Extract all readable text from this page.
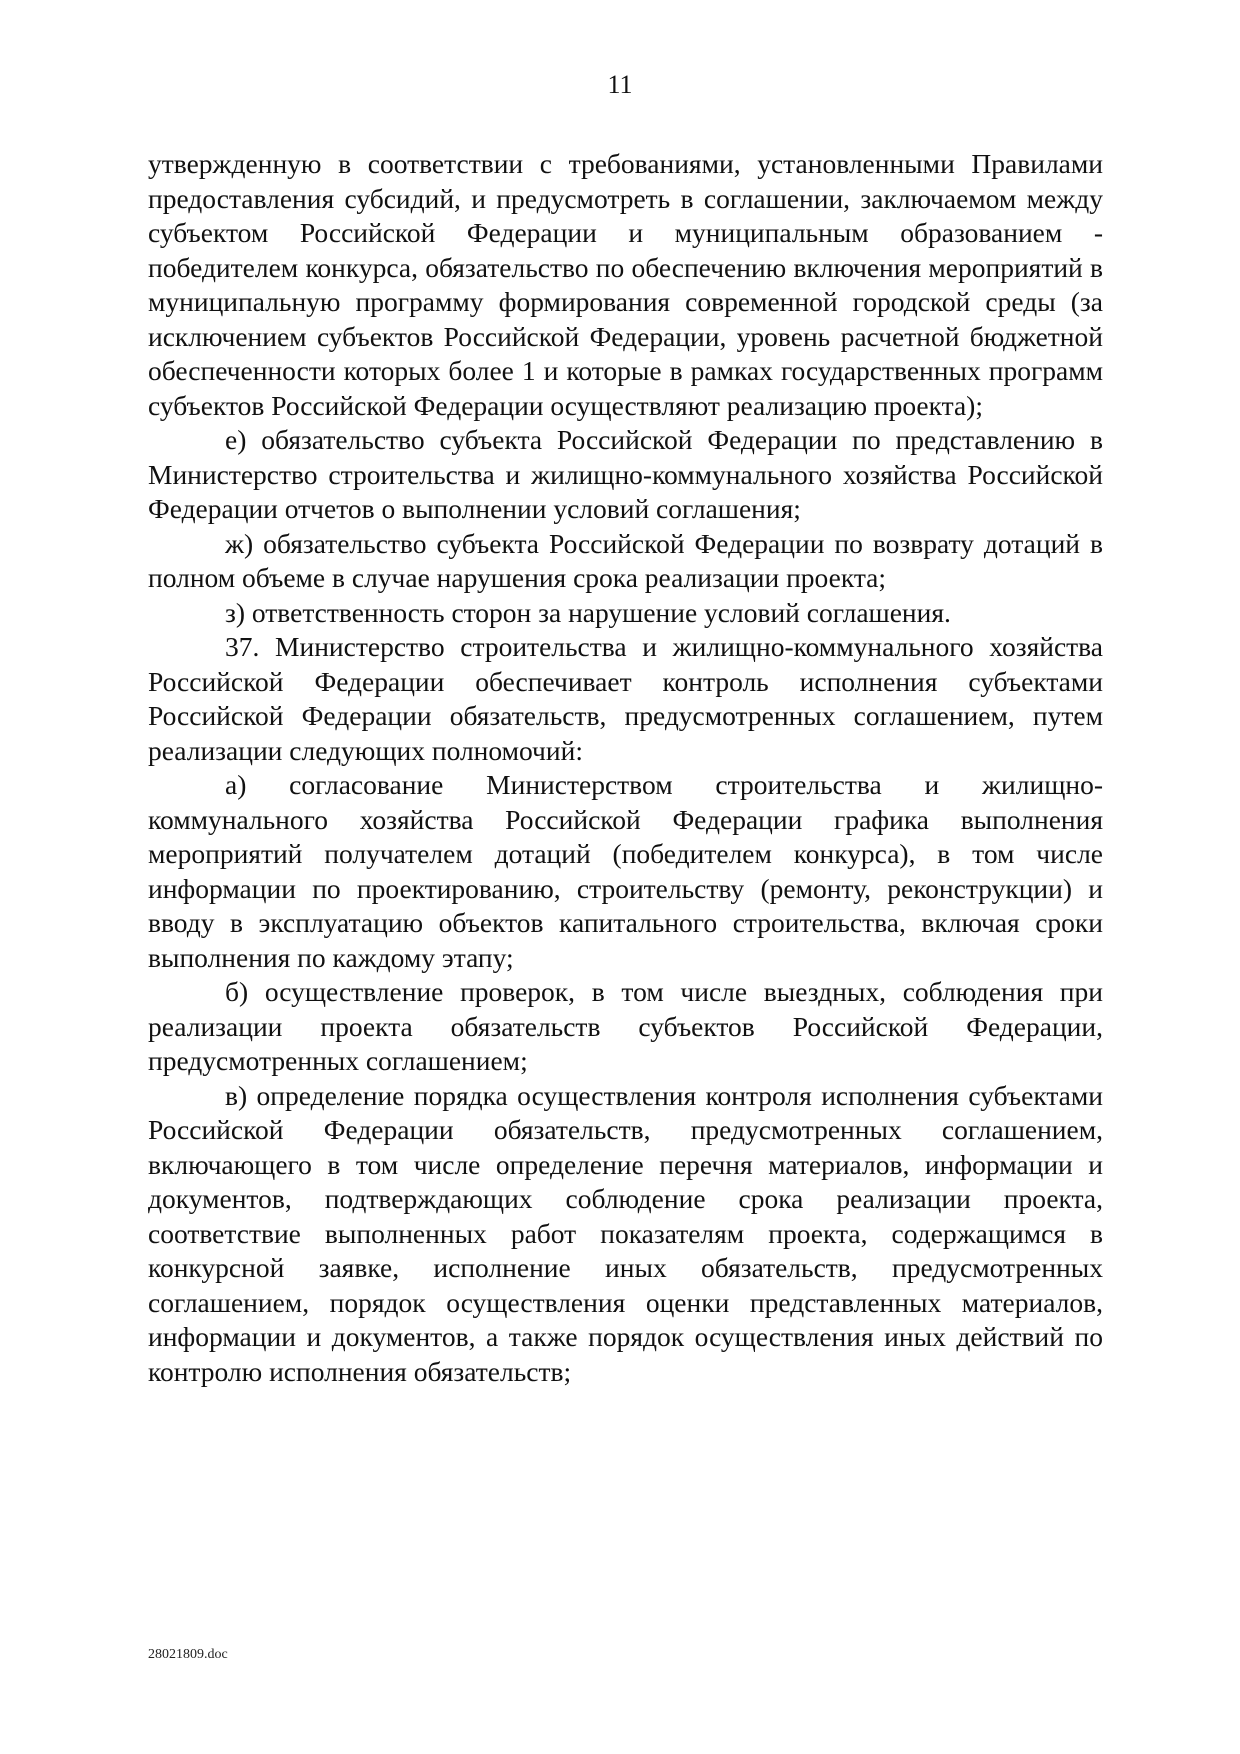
11

утвержденную в соответствии с требованиями, установленными Правилами предоставления субсидий, и предусмотреть в соглашении, заключаемом между субъектом Российской Федерации и муниципальным образованием - победителем конкурса, обязательство по обеспечению включения мероприятий в муниципальную программу формирования современной городской среды (за исключением субъектов Российской Федерации, уровень расчетной бюджетной обеспеченности которых более 1 и которые в рамках государственных программ субъектов Российской Федерации осуществляют реализацию проекта);

е) обязательство субъекта Российской Федерации по представлению в Министерство строительства и жилищно-коммунального хозяйства Российской Федерации отчетов о выполнении условий соглашения;

ж) обязательство субъекта Российской Федерации по возврату дотаций в полном объеме в случае нарушения срока реализации проекта;

з) ответственность сторон за нарушение условий соглашения.

37. Министерство строительства и жилищно-коммунального хозяйства Российской Федерации обеспечивает контроль исполнения субъектами Российской Федерации обязательств, предусмотренных соглашением, путем реализации следующих полномочий:

а) согласование Министерством строительства и жилищно-коммунального хозяйства Российской Федерации графика выполнения мероприятий получателем дотаций (победителем конкурса), в том числе информации по проектированию, строительству (ремонту, реконструкции) и вводу в эксплуатацию объектов капитального строительства, включая сроки выполнения по каждому этапу;

б) осуществление проверок, в том числе выездных, соблюдения при реализации проекта обязательств субъектов Российской Федерации, предусмотренных соглашением;

в) определение порядка осуществления контроля исполнения субъектами Российской Федерации обязательств, предусмотренных соглашением, включающего в том числе определение перечня материалов, информации и документов, подтверждающих соблюдение срока реализации проекта, соответствие выполненных работ показателям проекта, содержащимся в конкурсной заявке, исполнение иных обязательств, предусмотренных соглашением, порядок осуществления оценки представленных материалов, информации и документов, а также порядок осуществления иных действий по контролю исполнения обязательств;

28021809.doc
